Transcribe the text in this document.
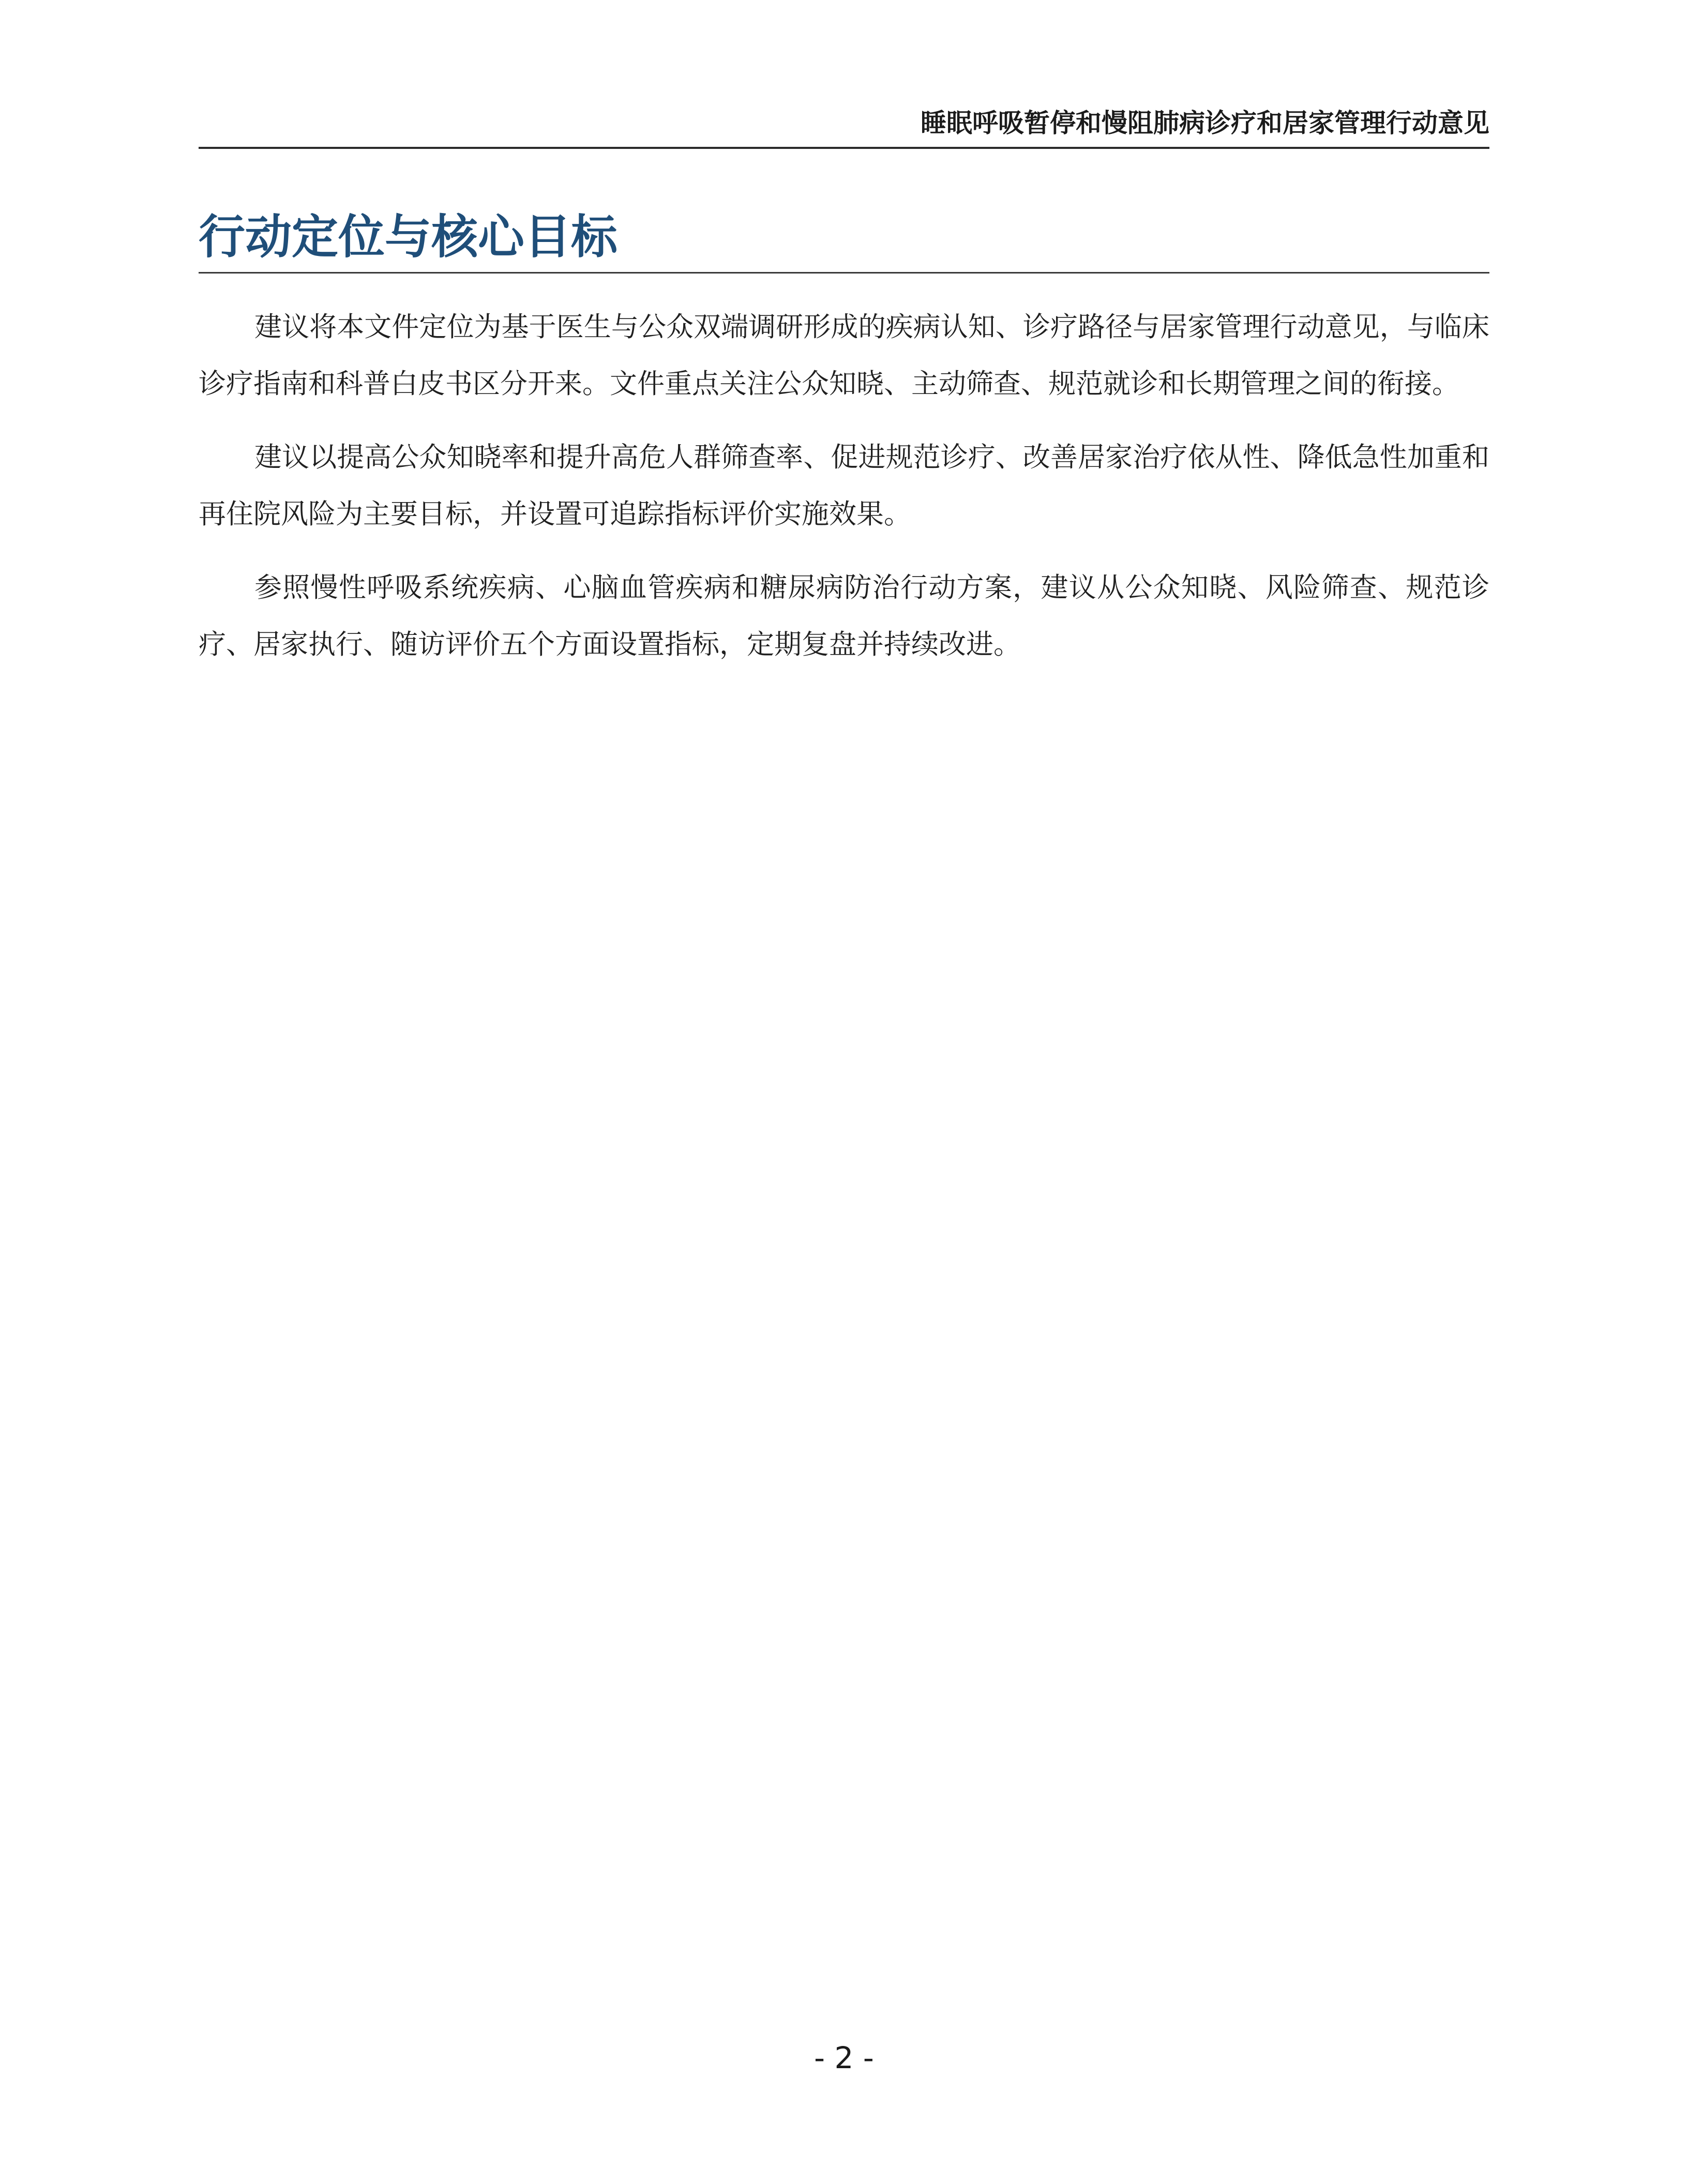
睡眠呼吸暂停和慢阻肺病诊疗和居家管理行动意见
行动定位与核心目标

建议将本文件定位为基于医生与公众双端调研形成的疾病认知、诊疗路径与居家管理行动意见，与临床诊疗指南和科普白皮书区分开来。文件重点关注公众知晓、主动筛查、规范就诊和长期管理之间的衔接。

建议以提高公众知晓率和提升高危人群筛查率、促进规范诊疗、改善居家治疗依从性、降低急性加重和再住院风险为主要目标，并设置可追踪指标评价实施效果。

参照慢性呼吸系统疾病、心脑血管疾病和糖尿病防治行动方案，建议从公众知晓、风险筛查、规范诊疗、居家执行、随访评价五个方面设置指标，定期复盘并持续改进。

- 2 -
